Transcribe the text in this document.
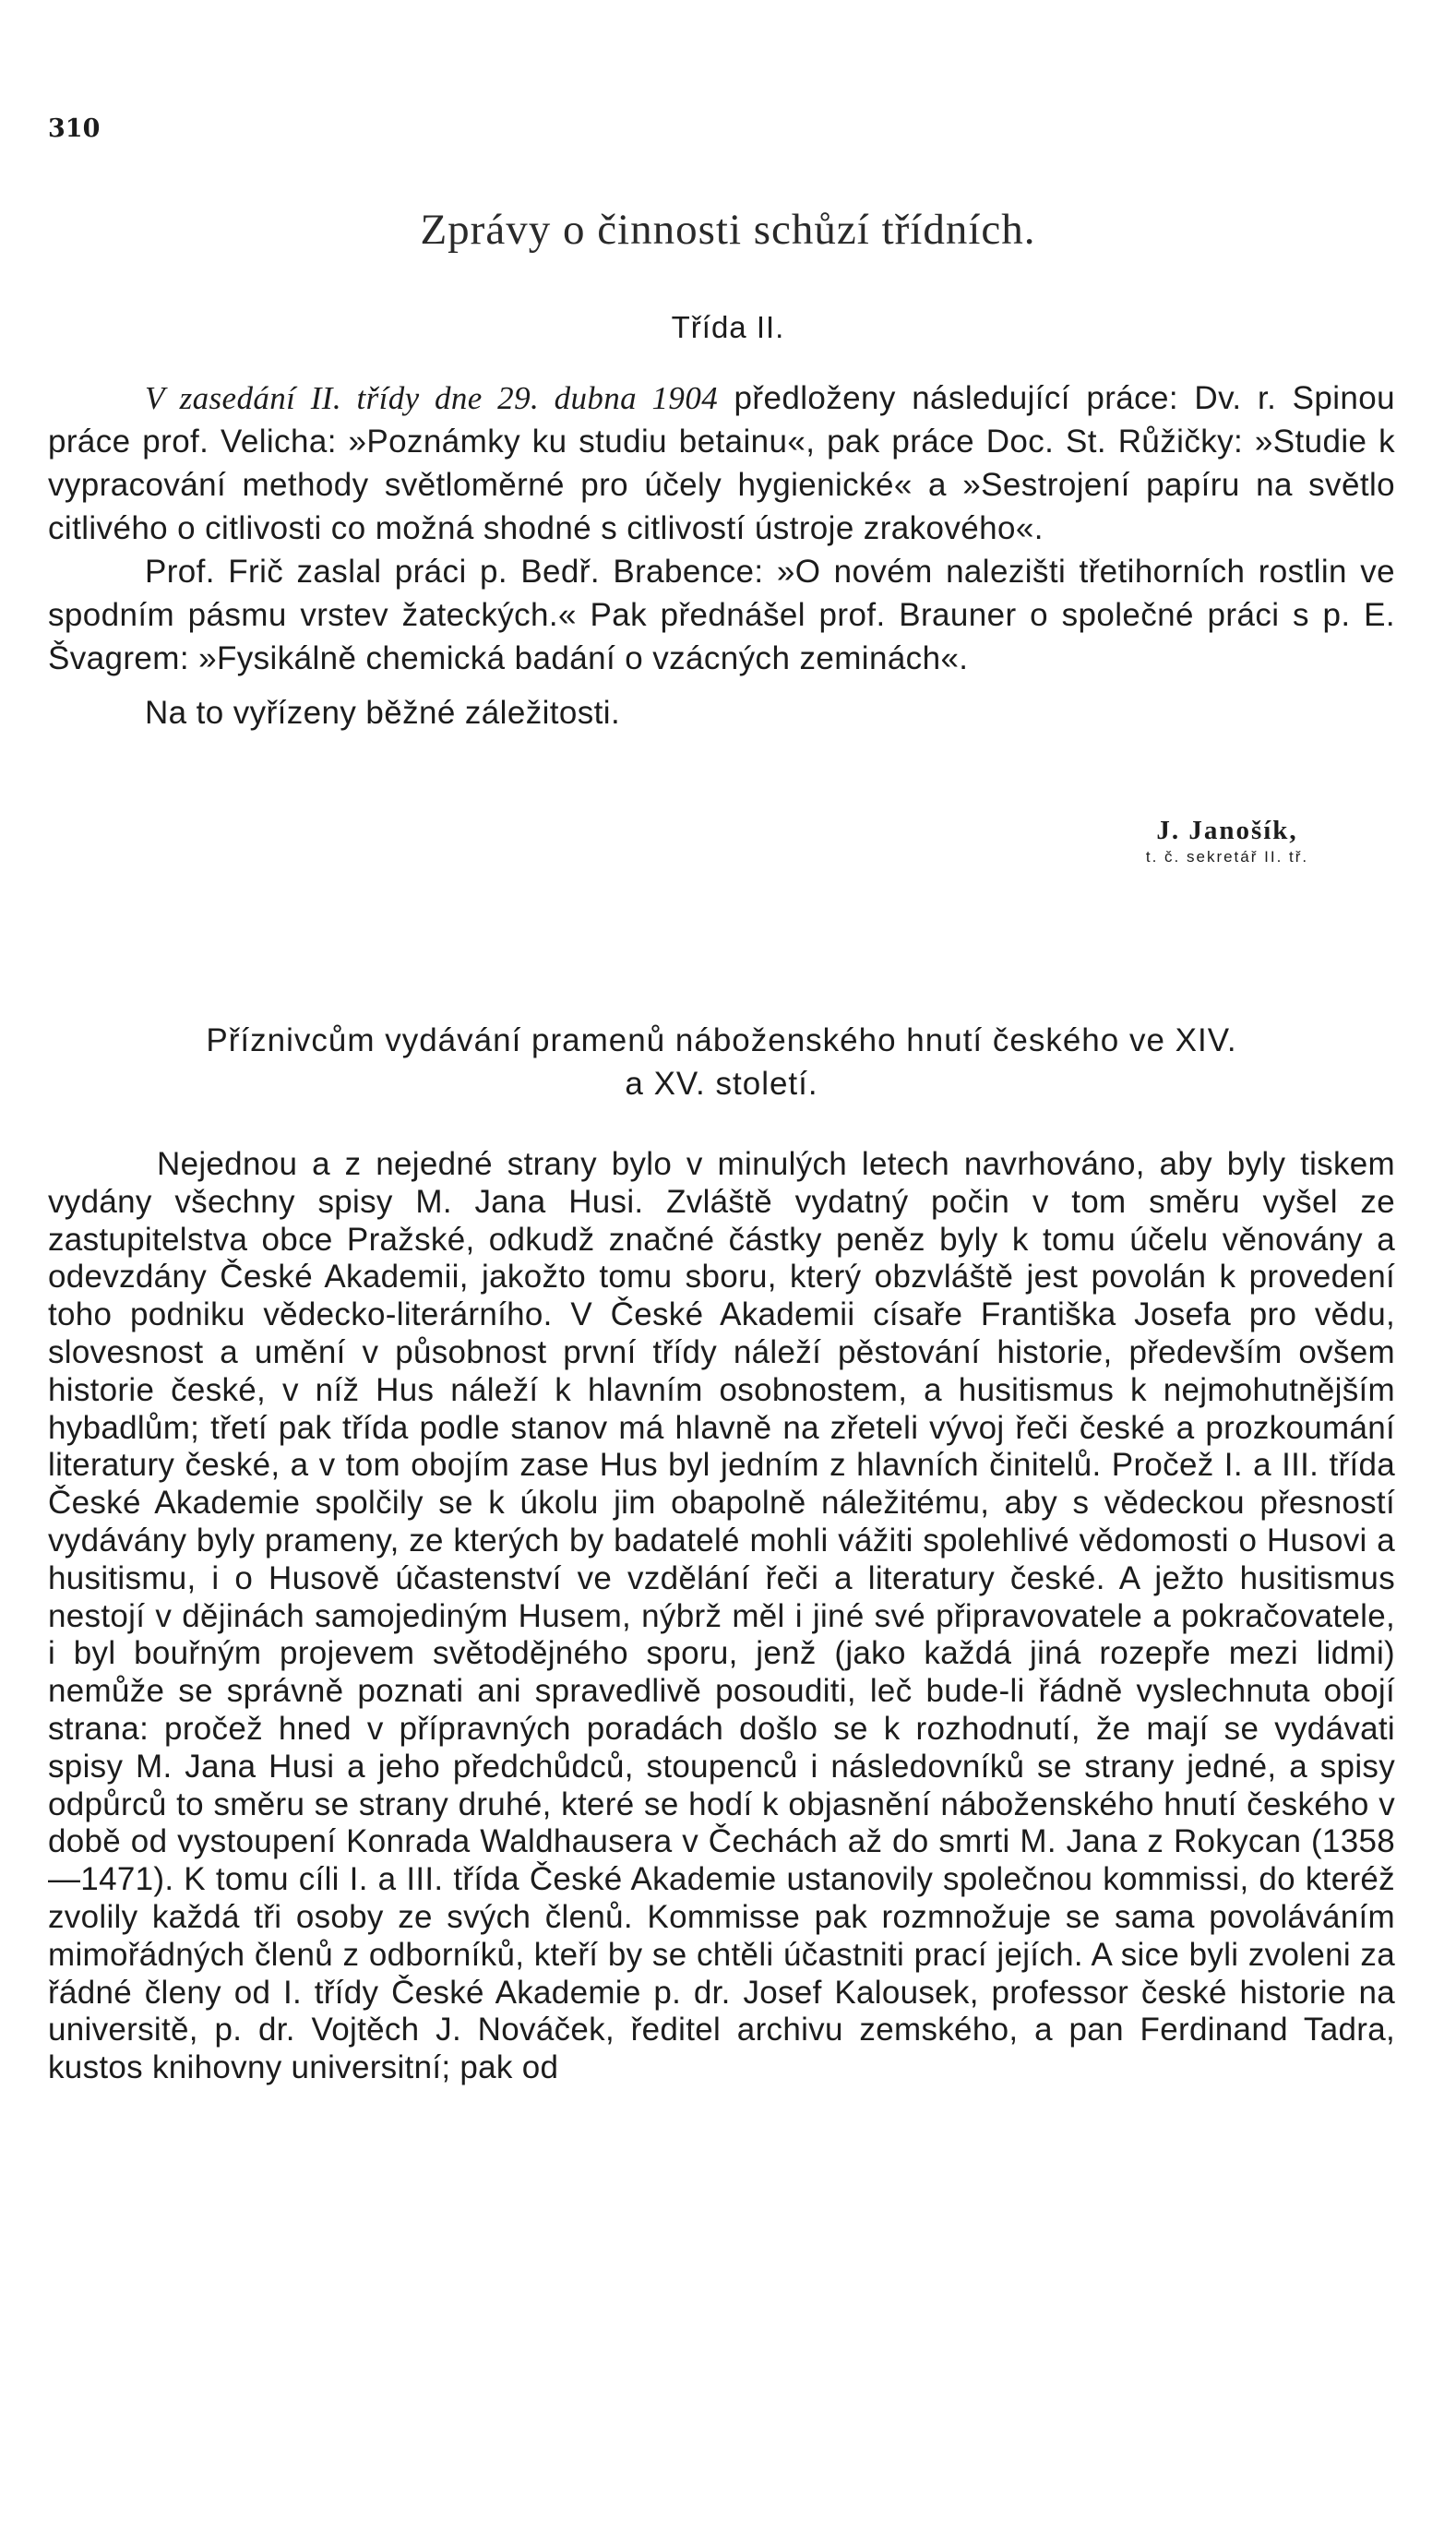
310
Zprávy o činnosti schůzí třídních.
Třída II.

V zasedání II. třídy dne 29. dubna 1904 předloženy následující práce: Dv. r. Spinou práce prof. Velicha: »Poznámky ku studiu betainu«, pak práce Doc. St. Růžičky: »Studie k vypracování methody světloměrné pro účely hygienické« a »Sestrojení papíru na světlo citlivého o citlivosti co možná shodné s citlivostí ústroje zrakového«.

Prof. Frič zaslal práci p. Bedř. Brabence: »O novém nalezišti třetihorních rostlin ve spodním pásmu vrstev žateckých.« Pak přednášel prof. Brauner o společné práci s p. E. Švagrem: »Fysikálně chemická badání o vzácných zeminách«.

Na to vyřízeny běžné záležitosti.

J. Janošík,
t. č. sekretář II. tř.
Příznivcům vydávání pramenů náboženského hnutí českého ve XIV.
a XV. století.

Nejednou a z nejedné strany bylo v minulých letech navrhováno, aby byly tiskem vydány všechny spisy M. Jana Husi. Zvláště vydatný počin v tom směru vyšel ze zastupitelstva obce Pražské, odkudž značné částky peněz byly k tomu účelu věnovány a odevzdány České Akademii, jakožto tomu sboru, který obzvláště jest povolán k provedení toho podniku vědecko-literárního. V České Akademii císaře Františka Josefa pro vědu, slovesnost a umění v působnost první třídy náleží pěstování historie, především ovšem historie české, v níž Hus náleží k hlavním osobnostem, a husitismus k nejmohutnějším hybadlům; třetí pak třída podle stanov má hlavně na zřeteli vývoj řeči české a prozkoumání literatury české, a v tom obojím zase Hus byl jedním z hlavních činitelů. Pročež I. a III. třída České Akademie spolčily se k úkolu jim obapolně náležitému, aby s vědeckou přesností vydávány byly prameny, ze kterých by badatelé mohli vážiti spolehlivé vědomosti o Husovi a husitismu, i o Husově účastenství ve vzdělání řeči a literatury české. A ježto husitismus nestojí v dějinách samojediným Husem, nýbrž měl i jiné své připravovatele a pokračovatele, i byl bouřným projevem světodějného sporu, jenž (jako každá jiná rozepře mezi lidmi) nemůže se správně poznati ani spravedlivě posouditi, leč bude-li řádně vyslechnuta obojí strana: pročež hned v přípravných poradách došlo se k rozhodnutí, že mají se vydávati spisy M. Jana Husi a jeho předchůdců, stoupenců i následovníků se strany jedné, a spisy odpůrců to směru se strany druhé, které se hodí k objasnění náboženského hnutí českého v době od vystoupení Konrada Waldhausera v Čechách až do smrti M. Jana z Rokycan (1358—1471). K tomu cíli I. a III. třída České Akademie ustanovily společnou kommissi, do kteréž zvolily každá tři osoby ze svých členů. Kommisse pak rozmnožuje se sama povoláváním mimořádných členů z odborníků, kteří by se chtěli účastniti prací jejích. A sice byli zvoleni za řádné členy od I. třídy České Akademie p. dr. Josef Kalousek, professor české historie na universitě, p. dr. Vojtěch J. Nováček, ředitel archivu zemského, a pan Ferdinand Tadra, kustos knihovny universitní; pak od
